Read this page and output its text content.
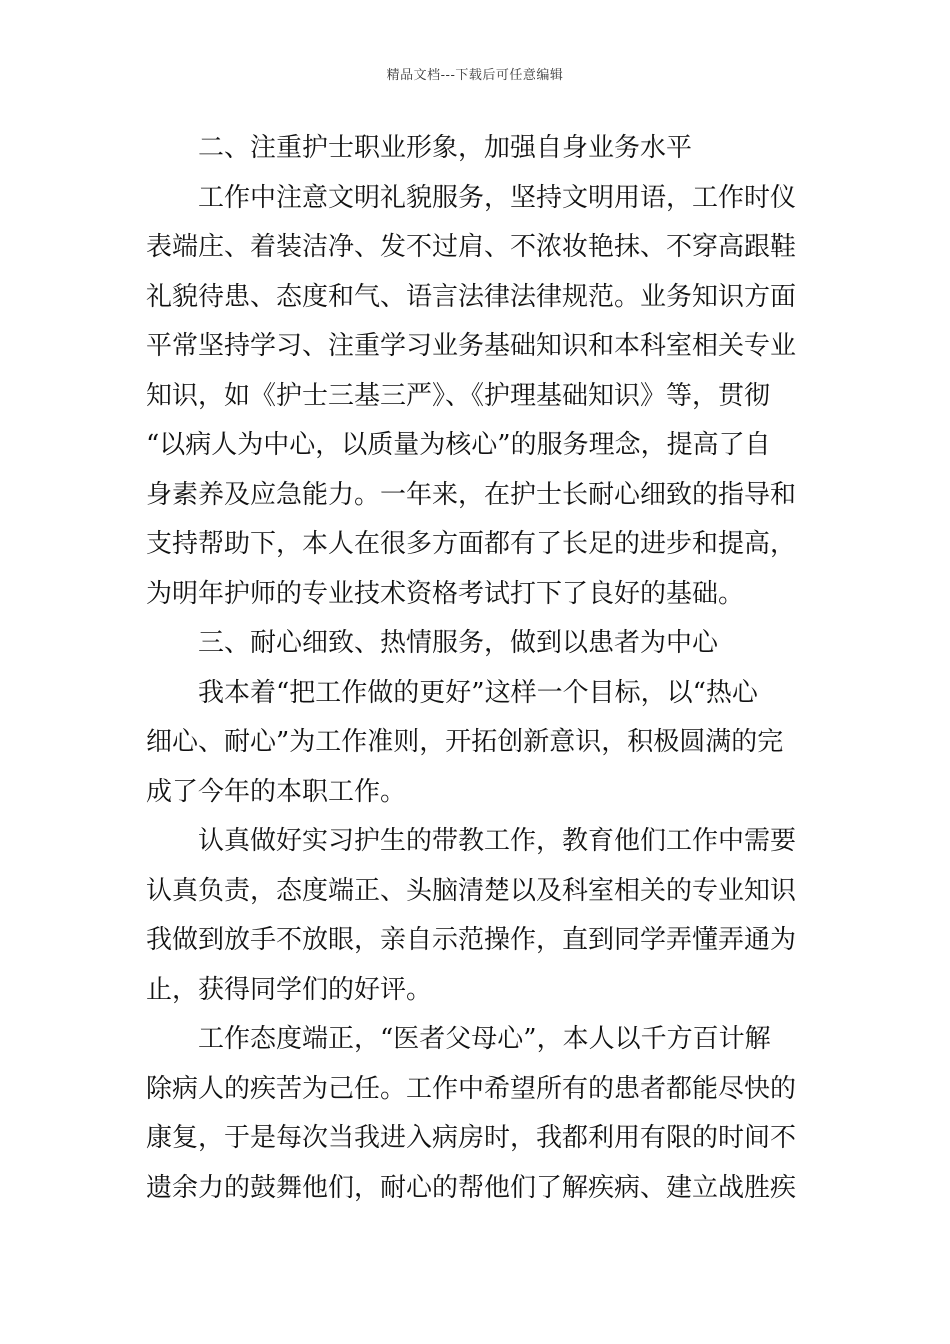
精品文档---下载后可任意编辑
二、注重护士职业形象，加强自身业务水平
工作中注意文明礼貌服务，坚持文明用语，工作时仪
表端庄、着装洁净、发不过肩、不浓妆艳抹、不穿高跟鞋
礼貌待患、态度和气、语言法律法律规范。业务知识方面
平常坚持学习、注重学习业务基础知识和本科室相关专业
知识，如《护士三基三严》、《护理基础知识》等，贯彻
“以病人为中心，以质量为核心”的服务理念，提高了自
身素养及应急能力。一年来，在护士长耐心细致的指导和
支持帮助下，本人在很多方面都有了长足的进步和提高，
为明年护师的专业技术资格考试打下了良好的基础。
三、耐心细致、热情服务，做到以患者为中心
我本着“把工作做的更好”这样一个目标，以“热心
细心、耐心”为工作准则，开拓创新意识，积极圆满的完
成了今年的本职工作。
认真做好实习护生的带教工作，教育他们工作中需要
认真负责，态度端正、头脑清楚以及科室相关的专业知识
我做到放手不放眼，亲自示范操作，直到同学弄懂弄通为
止，获得同学们的好评。
工作态度端正，“医者父母心”，本人以千方百计解
除病人的疾苦为己任。工作中希望所有的患者都能尽快的
康复，于是每次当我进入病房时，我都利用有限的时间不
遗余力的鼓舞他们，耐心的帮他们了解疾病、建立战胜疾
